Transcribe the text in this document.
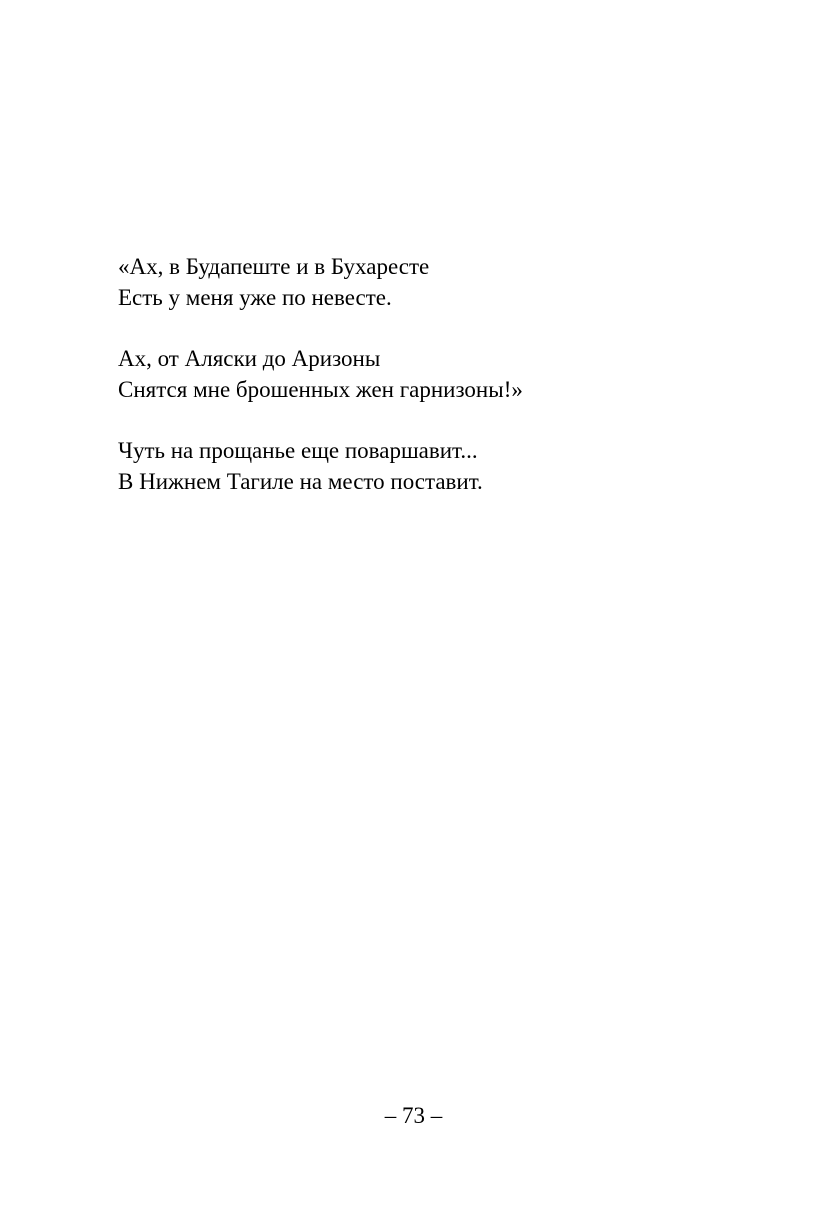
«Ах, в Будапеште и в Бухаресте
Есть у меня уже по невесте.
Ах, от Аляски до Аризоны
Снятся мне брошенных жен гарнизоны!»
Чуть на прощанье еще поваршавит...
В Нижнем Тагиле на место поставит.
– 73 –
